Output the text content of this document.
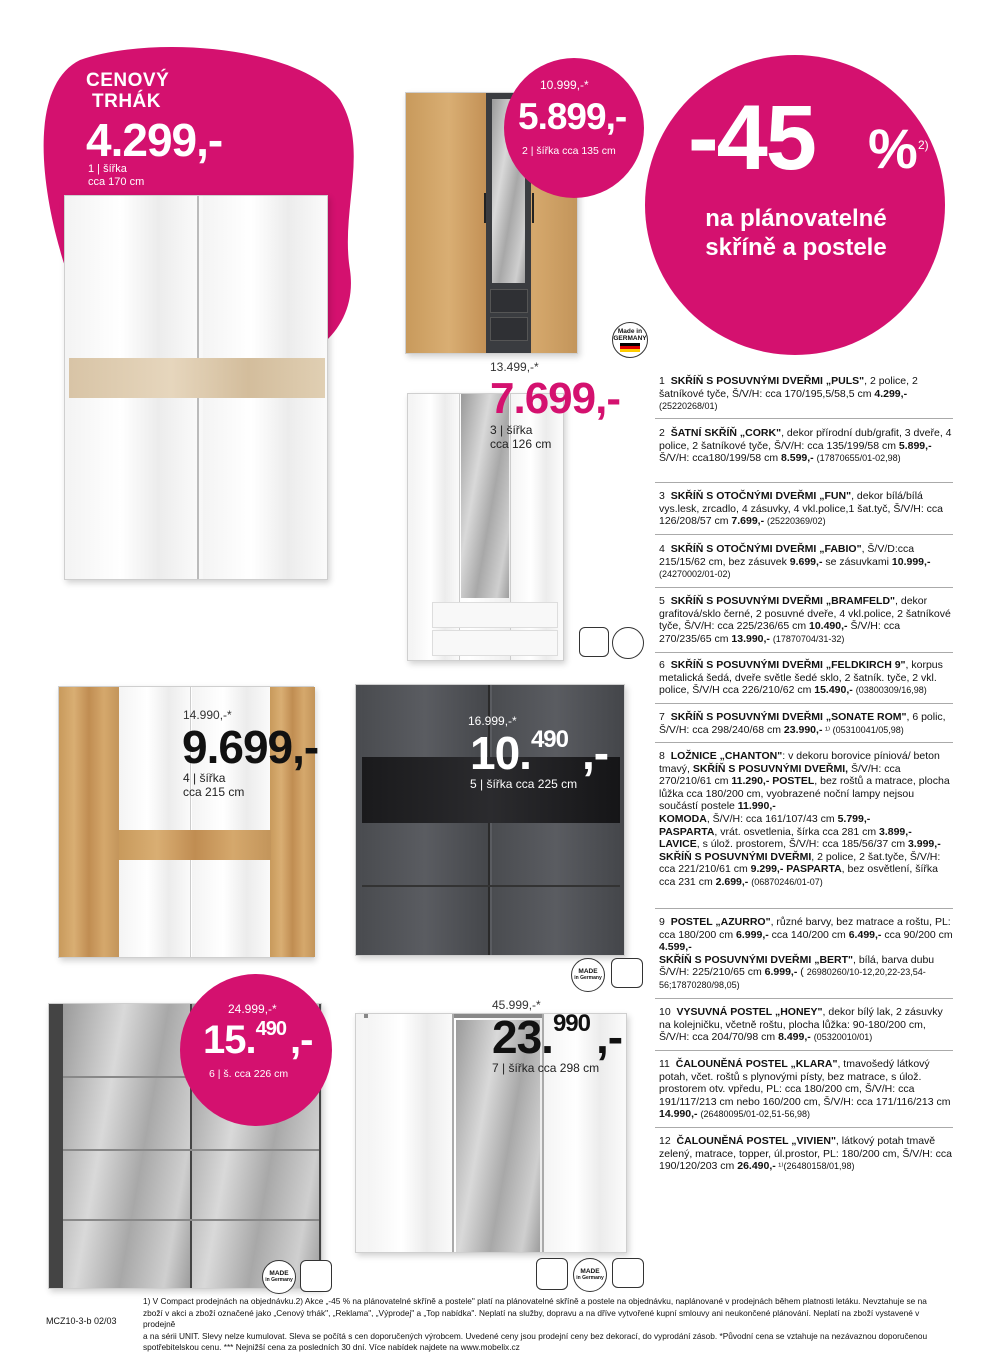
CENOVÝ
TRHÁK
4.299,-
1 | šířka
cca 170 cm
10.999,-*
5.899,-
2 | šířka cca 135 cm
Made in
GERMANY
-45 % 2)
na plánovatelné
skříně a postele
13.499,-*
7.699,-
3 | šířka
cca 126 cm
14.990,-*
9.699,-
4 | šířka
cca 215 cm
16.999,-*
10.$^{490}$ ,-
5 | šířka cca 225 cm
MADE
in Germany
24.999,-*
15.$^{490}$ ,-
6 | š. cca 226 cm
MADE
in Germany
45.999,-*
23.$^{990}$ ,-
7 | šířka cca 298 cm
MADE
in Germany
1 SKŘÍŇ S POSUVNÝMI DVEŘMI „PULS", 2 police, 2 šatníkové tyče, Š/V/H: cca 170/195,5/58,5 cm 4.299,- (25220268/01)
2 ŠATNÍ SKŘÍŇ „CORK", dekor přírodní dub/grafit, 3 dveře, 4 police, 2 šatníkové tyče, Š/V/H: cca 135/199/58 cm 5.899,- Š/V/H: cca180/199/58 cm 8.599,- (17870655/01-02,98)
3 SKŘÍŇ S OTOČNÝMI DVEŘMI „FUN", dekor bílá/bílá vys.lesk, zrcadlo, 4 zásuvky, 4 vkl.police,1 šat.tyč, Š/V/H: cca 126/208/57 cm 7.699,- (25220369/02)
4 SKŘÍŇ S OTOČNÝMI DVEŘMI „FABIO", Š/V/D:cca 215/15/62 cm, bez zásuvek 9.699,- se zásuvkami 10.999,- (24270002/01-02)
5 SKŘÍŇ S POSUVNÝMI DVEŘMI „BRAMFELD", dekor grafitová/sklo černé, 2 posuvné dveře, 4 vkl.police, 2 šatníkové tyče, Š/V/H: cca 225/236/65 cm 10.490,- Š/V/H: cca 270/235/65 cm 13.990,- (17870704/31-32)
6 SKŘÍŇ S POSUVNÝMI DVEŘMI „FELDKIRCH 9", korpus metalická šedá, dveře světle šedé sklo, 2 šatník. tyče, 2 vkl. police, Š/V/H cca 226/210/62 cm 15.490,- (03800309/16,98)
7 SKŘÍŇ S POSUVNÝMI DVEŘMI „SONATE ROM", 6 polic, Š/V/H: cca 298/240/68 cm 23.990,- ¹⁾ (05310041/05,98)
8 LOŽNICE „CHANTON": v dekoru borovice píniová/ beton tmavý, SKŘÍŇ S POSUVNÝMI DVEŘMI, Š/V/H: cca 270/210/61 cm 11.290,- POSTEL, bez roštů a matrace, plocha lůžka cca 180/200 cm, vyobrazené noční lampy nejsou součástí postele 11.990,-
KOMODA, Š/V/H: cca 161/107/43 cm 5.799,-
PASPARTA, vrát. osvetlenia, šírka cca 281 cm 3.899,-
LAVICE, s úlož. prostorem, Š/V/H: cca 185/56/37 cm 3.999,-
SKŘÍŇ S POSUVNÝMI DVEŘMI, 2 police, 2 šat.tyče, Š/V/H: cca 221/210/61 cm 9.299,- PASPARTA, bez osvětlení, šířka cca 231 cm 2.699,- (06870246/01-07)
9 POSTEL „AZURRO", různé barvy, bez matrace a roštu, PL: cca 180/200 cm 6.999,- cca 140/200 cm 6.499,- cca 90/200 cm 4.599,-
SKŘÍŇ S POSUVNÝMI DVEŘMI „BERT", bílá, barva dubu Š/V/H: 225/210/65 cm 6.999,- ( 26980260/10-12,20,22-23,54-56;17870280/98,05)
10 VYSUVNÁ POSTEL „HONEY", dekor bílý lak, 2 zásuvky na kolejničku, včetně roštu, plocha lůžka: 90-180/200 cm, Š/V/H: cca 204/70/98 cm 8.499,- (05320010/01)
11 ČALOUNĚNÁ POSTEL „KLARA", tmavošedý látkový potah, včet. roštů s plynovými písty, bez matrace, s úlož. prostorem otv. vpředu, PL: cca 180/200 cm, Š/V/H: cca 191/117/213 cm nebo 160/200 cm, Š/V/H: cca 171/116/213 cm 14.990,- (26480095/01-02,51-56,98)
12 ČALOUNĚNÁ POSTEL „VIVIEN", látkový potah tmavě zelený, matrace, topper, úl.prostor, PL: 180/200 cm, Š/V/H: cca 190/120/203 cm 26.490,- ¹⁾(26480158/01,98)
MCZ10-3-b 02/03
1) V Compact prodejnách na objednávku.2) Akce „-45 % na plánovatelné skříně a postele" platí na plánovatelné skříně a postele na objednávku, naplánované v prodejnách během platnosti letáku. Nevztahuje se na
zboží v akci a zboží označené jako „Cenový trhák", „Reklama", „Výprodej" a „Top nabídka". Neplatí na služby, dopravu a na dříve vytvořené kupní smlouvy ani neukončené plánování. Neplatí na zboží vystavené v prodejně
a na sérii UNIT. Slevy nelze kumulovat. Sleva se počítá s cen doporučených výrobcem. Uvedené ceny jsou prodejní ceny bez dekorací, do vyprodání zásob. *Původní cena se vztahuje na nezávaznou doporučenou
spotřebitelskou cenu. *** Nejnižší cena za posledních 30 dní. Více nabídek najdete na www.mobelix.cz
